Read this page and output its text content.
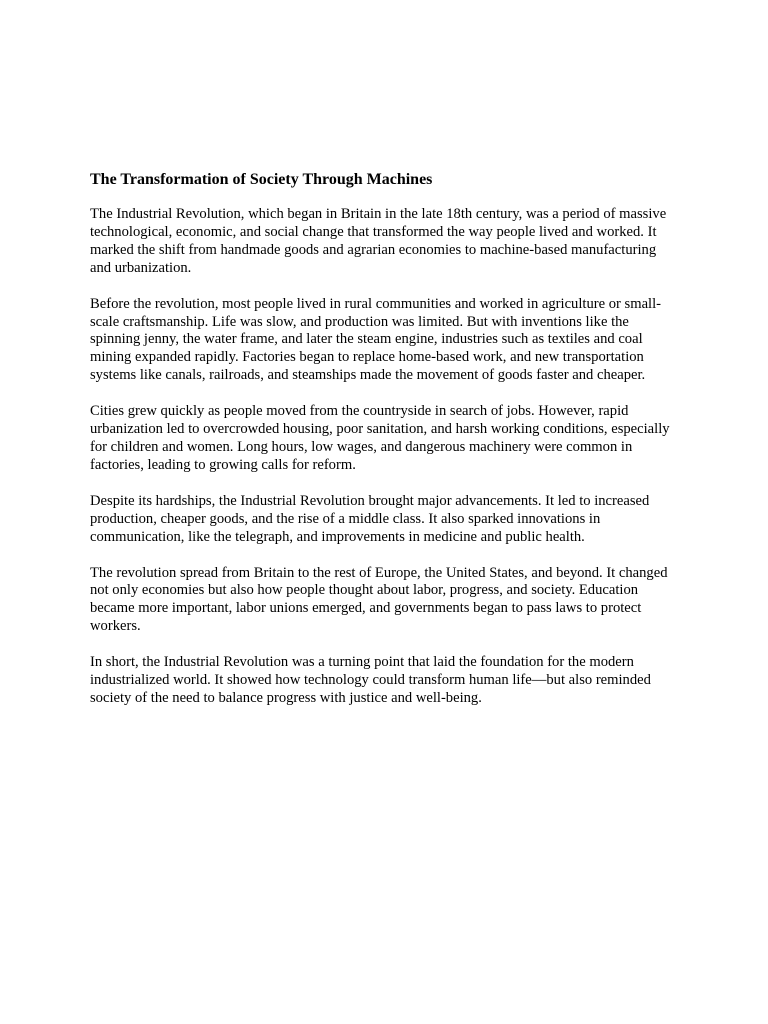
The Transformation of Society Through Machines

The Industrial Revolution, which began in Britain in the late 18th century, was a period of massive technological, economic, and social change that transformed the way people lived and worked. It marked the shift from handmade goods and agrarian economies to machine-based manufacturing and urbanization.

Before the revolution, most people lived in rural communities and worked in agriculture or small-scale craftsmanship. Life was slow, and production was limited. But with inventions like the spinning jenny, the water frame, and later the steam engine, industries such as textiles and coal mining expanded rapidly. Factories began to replace home-based work, and new transportation systems like canals, railroads, and steamships made the movement of goods faster and cheaper.

Cities grew quickly as people moved from the countryside in search of jobs. However, rapid urbanization led to overcrowded housing, poor sanitation, and harsh working conditions, especially for children and women. Long hours, low wages, and dangerous machinery were common in factories, leading to growing calls for reform.

Despite its hardships, the Industrial Revolution brought major advancements. It led to increased production, cheaper goods, and the rise of a middle class. It also sparked innovations in communication, like the telegraph, and improvements in medicine and public health.

The revolution spread from Britain to the rest of Europe, the United States, and beyond. It changed not only economies but also how people thought about labor, progress, and society. Education became more important, labor unions emerged, and governments began to pass laws to protect workers.

In short, the Industrial Revolution was a turning point that laid the foundation for the modern industrialized world. It showed how technology could transform human life—but also reminded society of the need to balance progress with justice and well-being.
